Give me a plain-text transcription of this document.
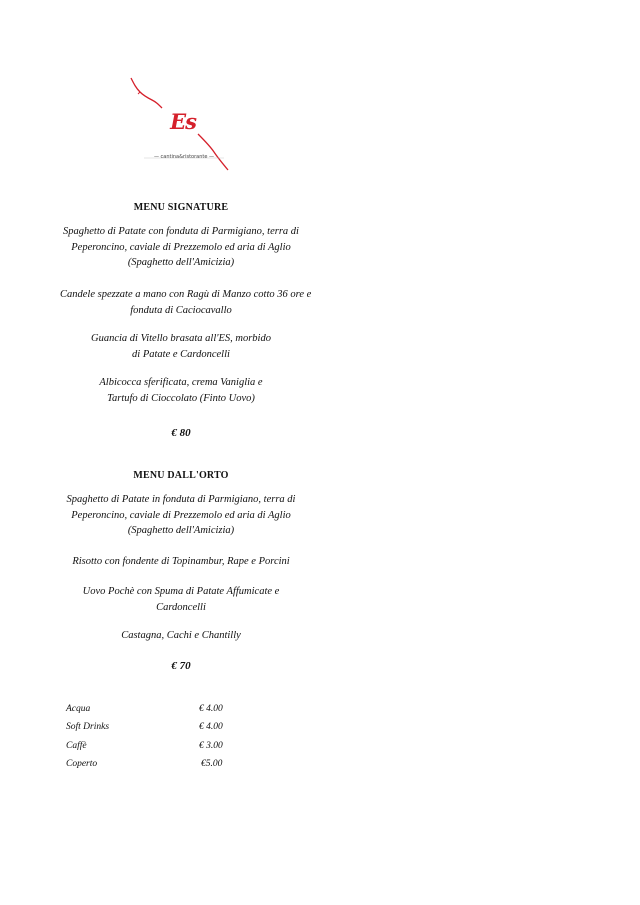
Es
— cantina&ristorante —
MENU SIGNATURE
Spaghetto di Patate con fonduta di Parmigiano, terra di
Peperoncino, caviale di Prezzemolo ed aria di Aglio
(Spaghetto dell'Amicizia)
Candele spezzate a mano con Ragù di Manzo cotto 36 ore e
fonduta di Caciocavallo
Guancia di Vitello brasata all'ES, morbido
di Patate e Cardoncelli
Albicocca sferificata, crema Vaniglia e
Tartufo di Cioccolato (Finto Uovo)
€ 80
MENU DALL'ORTO
Spaghetto di Patate in fonduta di Parmigiano, terra di
Peperoncino, caviale di Prezzemolo ed aria di Aglio
(Spaghetto dell'Amicizia)
Risotto con fondente di Topinambur, Rape e Porcini
Uovo Pochè con Spuma di Patate Affumicate e
Cardoncelli
Castagna, Cachi e Chantilly
€ 70
Acqua	€ 4.00
Soft Drinks	€ 4.00
Caffè	€ 3.00
Coperto	€5.00
